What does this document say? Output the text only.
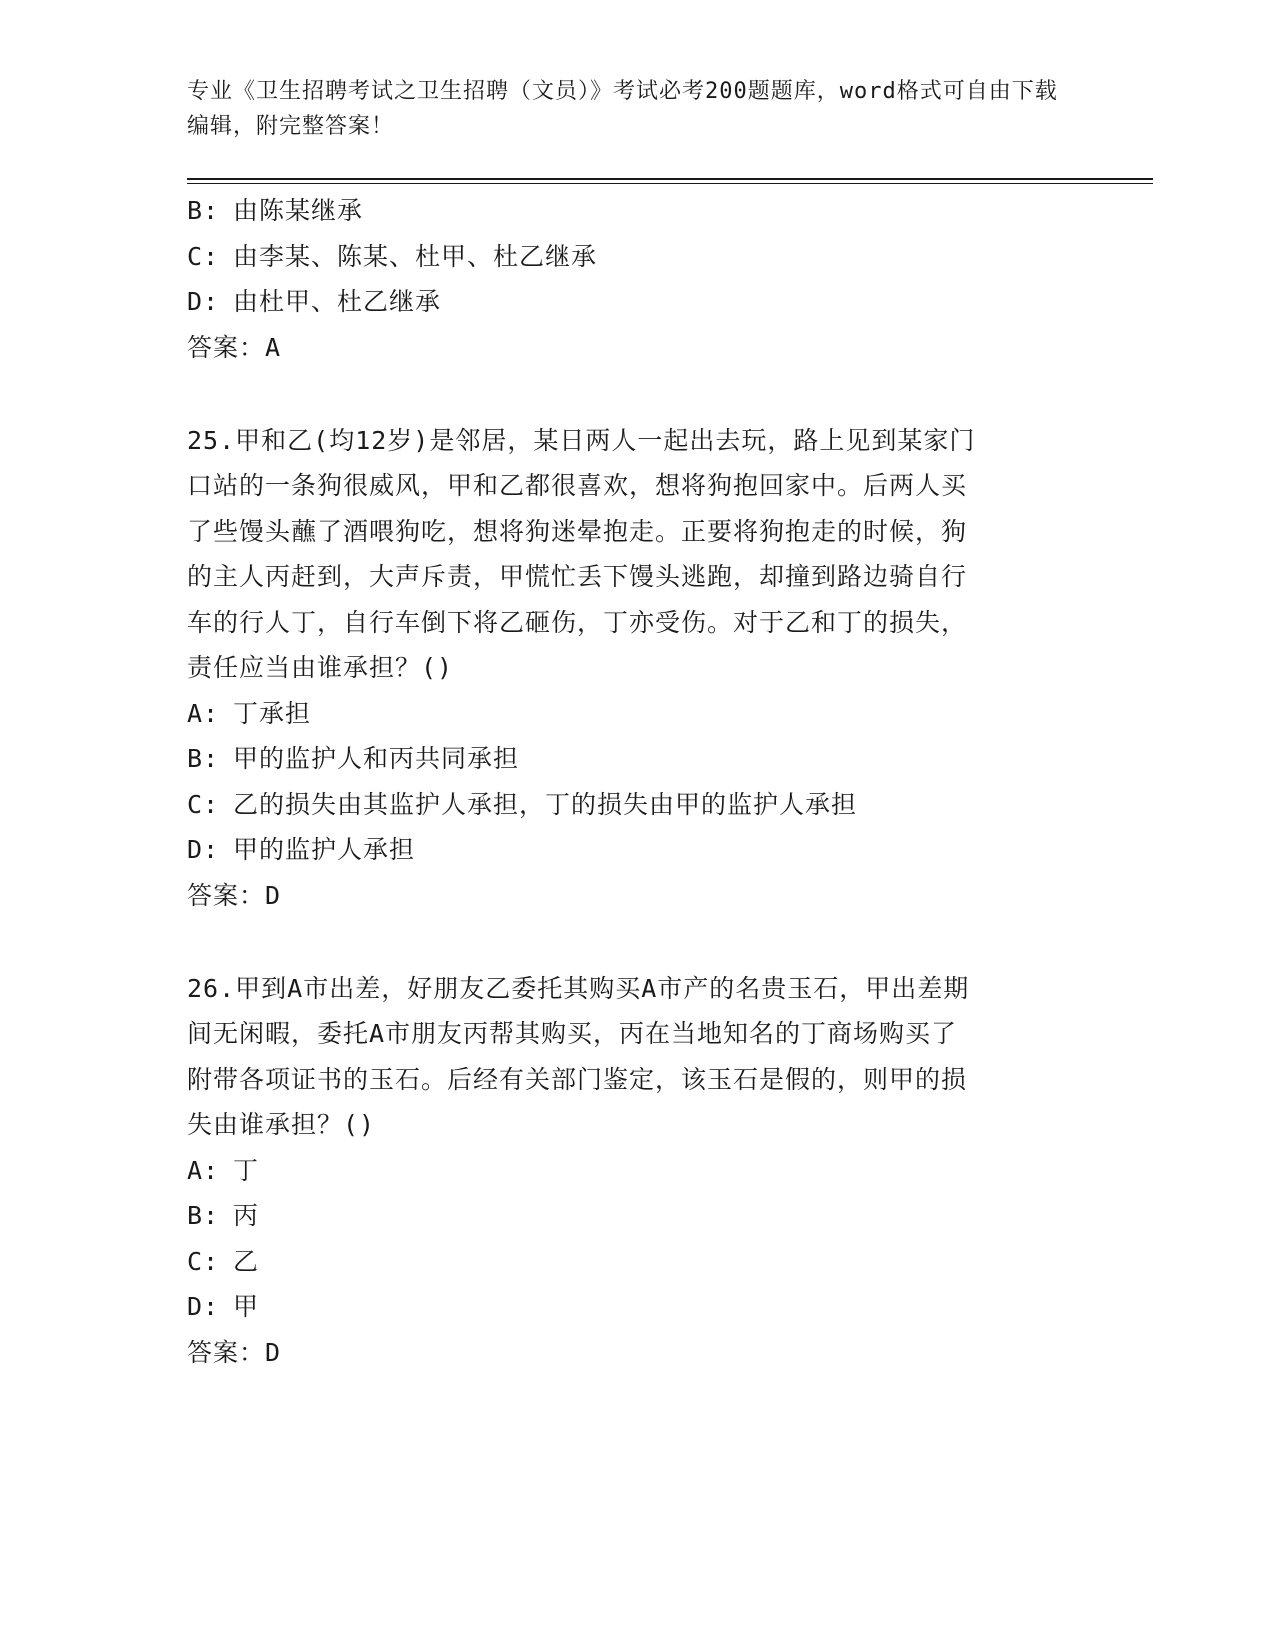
专业《卫生招聘考试之卫生招聘（文员）》考试必考200题题库，word格式可自由下载编辑，附完整答案！
B: 由陈某继承
C: 由李某、陈某、杜甲、杜乙继承
D: 由杜甲、杜乙继承
答案：A
25.甲和乙(均12岁)是邻居，某日两人一起出去玩，路上见到某家门
口站的一条狗很威风，甲和乙都很喜欢，想将狗抱回家中。后两人买
了些馒头蘸了酒喂狗吃，想将狗迷晕抱走。正要将狗抱走的时候，狗
的主人丙赶到，大声斥责，甲慌忙丢下馒头逃跑，却撞到路边骑自行
车的行人丁，自行车倒下将乙砸伤，丁亦受伤。对于乙和丁的损失，
责任应当由谁承担？()
A: 丁承担
B: 甲的监护人和丙共同承担
C: 乙的损失由其监护人承担，丁的损失由甲的监护人承担
D: 甲的监护人承担
答案：D
26.甲到A市出差，好朋友乙委托其购买A市产的名贵玉石，甲出差期
间无闲暇，委托A市朋友丙帮其购买，丙在当地知名的丁商场购买了
附带各项证书的玉石。后经有关部门鉴定，该玉石是假的，则甲的损
失由谁承担？()
A: 丁
B: 丙
C: 乙
D: 甲
答案：D
